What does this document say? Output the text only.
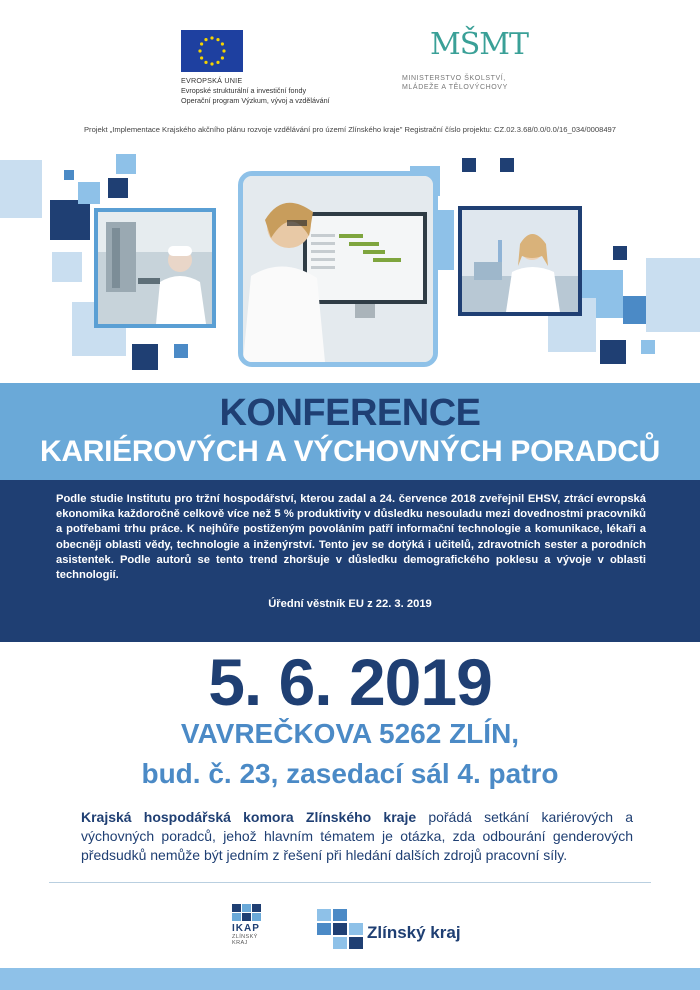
EVROPSKÁ UNIE
Evropské strukturální a investiční fondy
Operační program Výzkum, vývoj a vzdělávání
MŠMT
MINISTERSTVO ŠKOLSTVÍ,
MLÁDEŽE A TĚLOVÝCHOVY
Projekt „Implementace Krajského akčního plánu rozvoje vzdělávání pro území Zlínského kraje" Registrační číslo projektu: CZ.02.3.68/0.0/0.0/16_034/0008497
KONFERENCE
KARIÉROVÝCH A VÝCHOVNÝCH PORADCŮ
Podle studie Institutu pro tržní hospodářství, kterou zadal a 24. července 2018 zveřejnil EHSV, ztrácí evropská ekonomika každoročně celkově více než 5 % produktivity v důsledku nesouladu mezi dovednostmi pracovníků a potřebami trhu práce. K nejhůře postiženým povoláním patří informační technologie a komunikace, lékaři a obecněji oblasti vědy, technologie a inženýrství. Tento jev se dotýká i učitelů, zdravotních sester a porodních asistentek. Podle autorů se tento trend zhoršuje v důsledku demografického poklesu a vývoje v oblasti technologií.
Úřední věstník EU z 22. 3. 2019
5. 6. 2019
VAVREČKOVA 5262 ZLÍN,
bud. č. 23, zasedací sál 4. patro
Krajská hospodářská komora Zlínského kraje pořádá setkání kariérových a výchovných poradců, jehož hlavním tématem je otázka, zda odbourání genderových předsudků nemůže být jedním z řešení při hledání dalších zdrojů pracovní síly.
IKAP
ZLÍNSKÝ KRAJ
Zlínský kraj
